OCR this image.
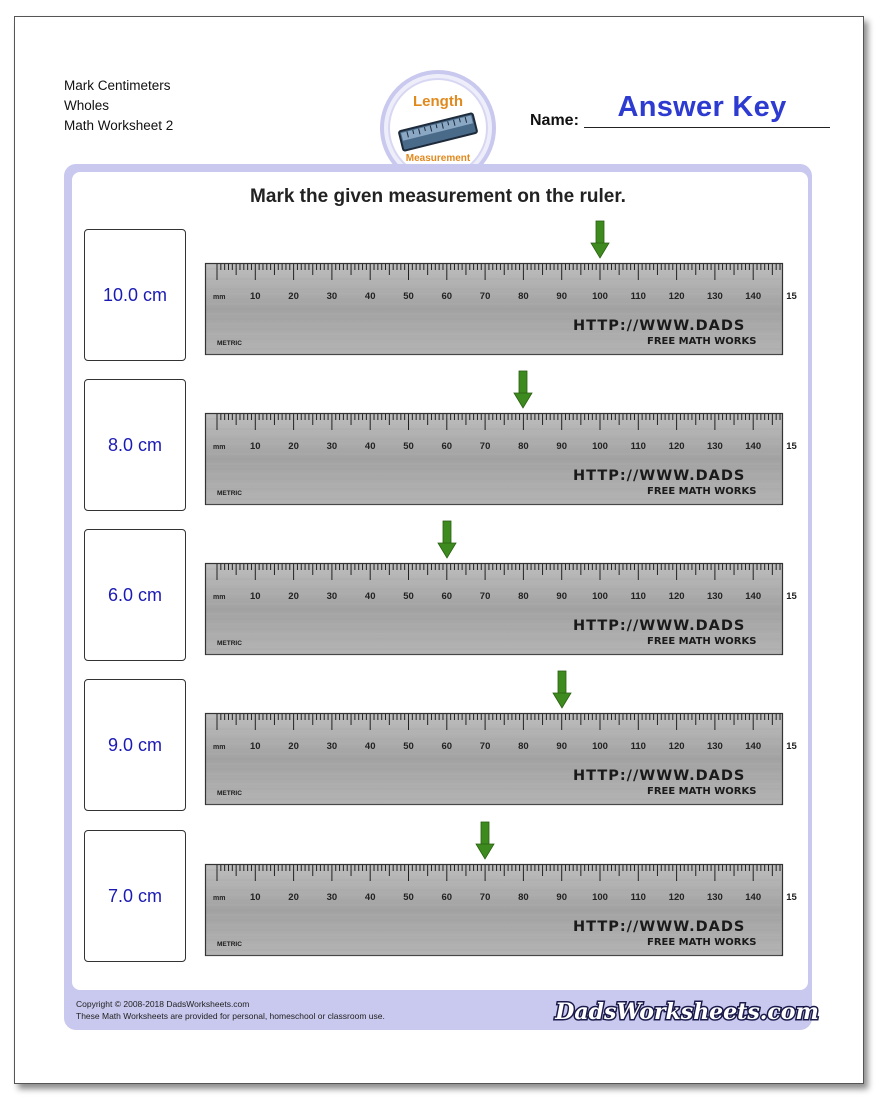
Mark Centimeters
Wholes
Math Worksheet 2
Length
Measurement
Name:	Answer Key
Mark the given measurement on the ruler.
10.0 cm	mm	10	20	30	40	50	60	70	80	90	100 110 120 130 140	15
HTTP://WWW.DADS
FREE MATH WORKS
METRIC
8.0 cm	mm	10	20	30	40	50	60	70	80	90	100 110 120 130 140	15
HTTP://WWW.DADS
FREE MATH WORKS
METRIC
6.0 cm	mm	10	20	30	40	50	60	70	80	90	100 110 120 130 140	15
HTTP://WWW.DADS
FREE MATH WORKS
METRIC
9.0 cm	mm	10	20	30	40	50	60	70	80	90	100 110 120 130 140	15
HTTP://WWW.DADS
FREE MATH WORKS
METRIC
7.0 cm	mm	10	20	30	40	50	60	70	80	90	100 110 120 130 140	15
HTTP://WWW.DADS
FREE MATH WORKS
METRIC
Copyright © 2008-2018 DadsWorksheets.com
These Math Worksheets are provided for personal, homeschool or classroom use.	DadsWorksheets.com
